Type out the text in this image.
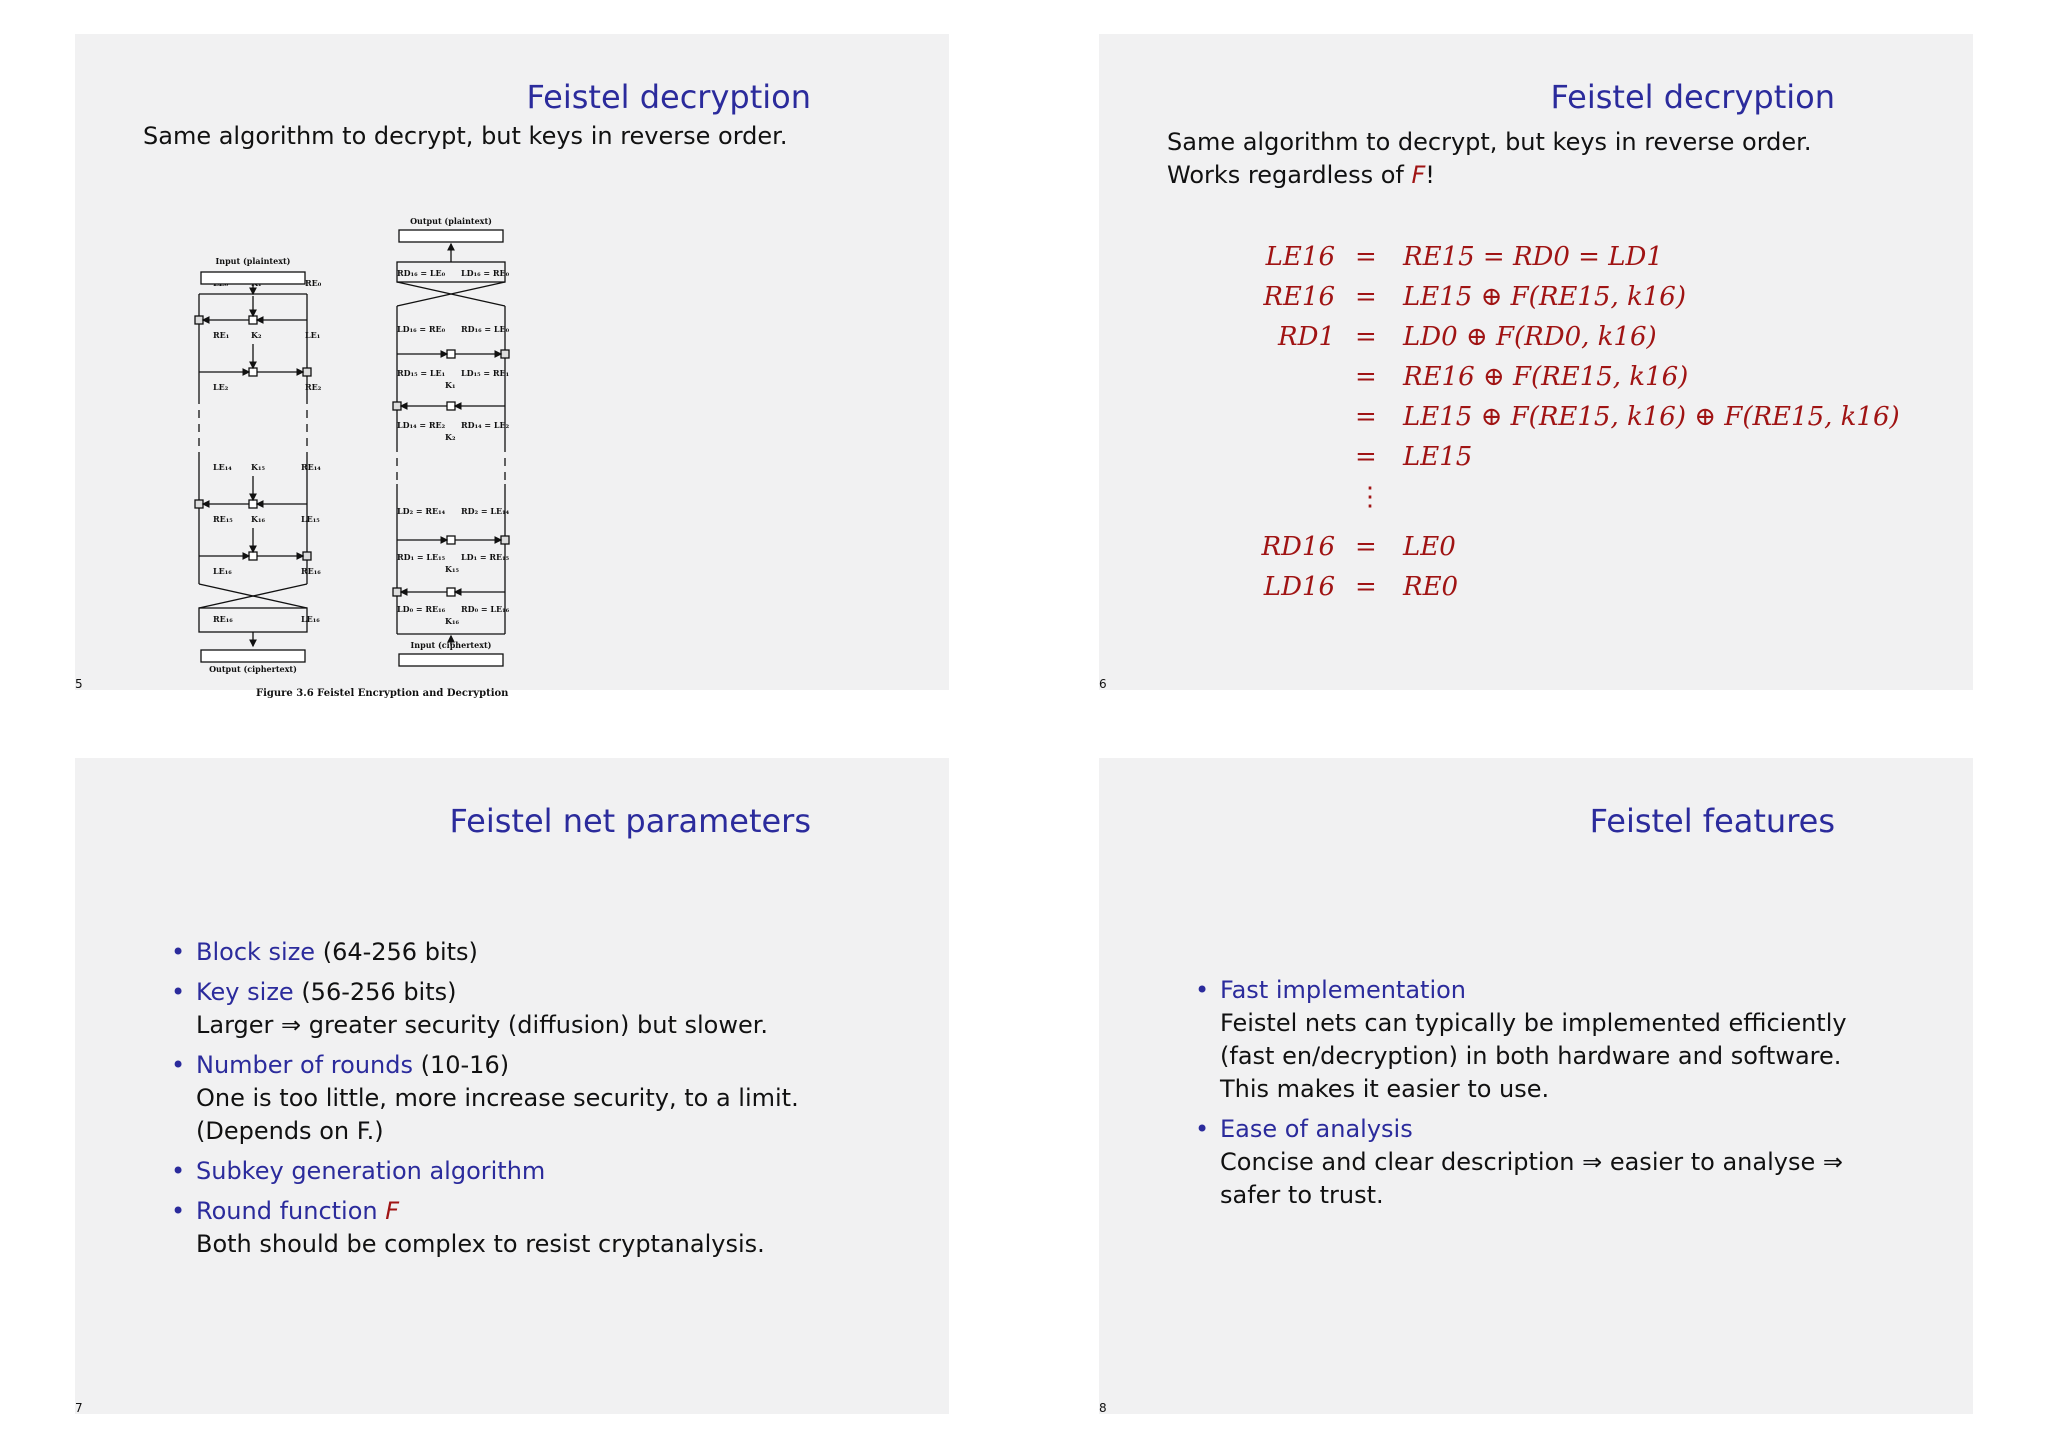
Feistel decryption
Same algorithm to decrypt, but keys in reverse order.
Input (plaintext)
Output (ciphertext)
Output (plaintext)
Input (ciphertext)
RE₀
RE₁	K₂	LE₁
LE₂	RE₂
LE₁₄ K₁₅	RE₁₄
RE₁₅ K₁₆	LE₁₅
LE₁₆	RE₁₆
RE₁₆	LE₁₆
RD₁₆ = LE₀ LD₁₆ = RE₀
LD₁₆ = RE₀ RD₁₆ = LE₀
RD₁₅ = LE₁ LD₁₅ = RE₁
K₁
LD₁₄ = RE₂ RD₁₄ = LE₂
K₂
LD₂ = RE₁₄ RD₂ = LE₁₄
RD₁ = LE₁₅ LD₁ = RE₁₅
K₁₅
LD₀ = RE₁₆ RD₀ = LE₁₆
K₁₆
Figure 3.6 Feistel Encryption and Decryption
5
Feistel decryption
Same algorithm to decrypt, but keys in reverse order. Works regardless of F!
LE16 = RE15 = RD0 = LD1
RE16 = LE15 ⊕ F(RE15, k16)
RD1 = LD0 ⊕ F(RD0, k16)
= RE16 ⊕ F(RE15, k16)
= LE15 ⊕ F(RE15, k16) ⊕ F(RE15, k16)
= LE15
⋮
RD16 = LE0
LD16 = RE0
6
Feistel net parameters
• Block size (64-256 bits)
• Key size (56-256 bits)
Larger ⇒ greater security (diffusion) but slower.
• Number of rounds (10-16)
One is too little, more increase security, to a limit. (Depends on F.)
• Subkey generation algorithm
• Round function F
Both should be complex to resist cryptanalysis.
7
Feistel features
• Fast implementation
Feistel nets can typically be implemented efficiently (fast en/decryption) in both hardware and software. This makes it easier to use.
• Ease of analysis
Concise and clear description ⇒ easier to analyse ⇒ safer to trust.
8
